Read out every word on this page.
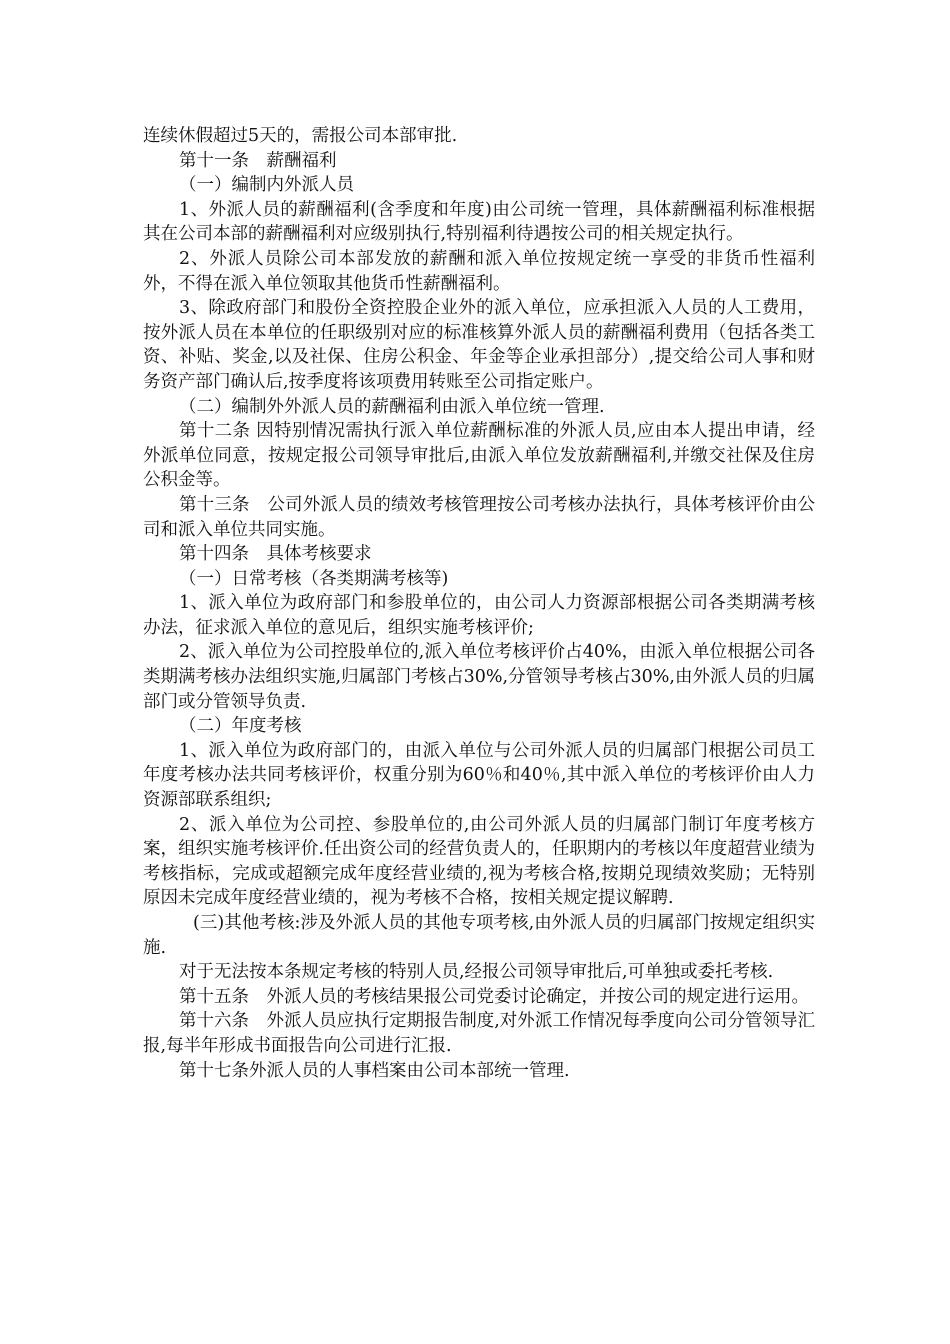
连续休假超过5天的，需报公司本部审批.

第十一条　薪酬福利

（一）编制内外派人员

1、外派人员的薪酬福利(含季度和年度)由公司统一管理，具体薪酬福利标准根据其在公司本部的薪酬福利对应级别执行,特别福利待遇按公司的相关规定执行。

2、外派人员除公司本部发放的薪酬和派入单位按规定统一享受的非货币性福利外，不得在派入单位领取其他货币性薪酬福利。

3、除政府部门和股份全资控股企业外的派入单位，应承担派入人员的人工费用，按外派人员在本单位的任职级别对应的标准核算外派人员的薪酬福利费用（包括各类工资、补贴、奖金,以及社保、住房公积金、年金等企业承担部分）,提交给公司人事和财务资产部门确认后,按季度将该项费用转账至公司指定账户。

（二）编制外外派人员的薪酬福利由派入单位统一管理.

第十二条 因特别情况需执行派入单位薪酬标准的外派人员,应由本人提出申请，经外派单位同意，按规定报公司领导审批后,由派入单位发放薪酬福利,并缴交社保及住房公积金等。

第十三条　公司外派人员的绩效考核管理按公司考核办法执行，具体考核评价由公司和派入单位共同实施。

第十四条　具体考核要求

（一）日常考核（各类期满考核等)

1、派入单位为政府部门和参股单位的，由公司人力资源部根据公司各类期满考核办法，征求派入单位的意见后，组织实施考核评价;

2、派入单位为公司控股单位的,派入单位考核评价占40%，由派入单位根据公司各类期满考核办法组织实施,归属部门考核占30%,分管领导考核占30%,由外派人员的归属部门或分管领导负责.

（二）年度考核

1、派入单位为政府部门的，由派入单位与公司外派人员的归属部门根据公司员工年度考核办法共同考核评价，权重分别为60％和40％,其中派入单位的考核评价由人力资源部联系组织;

2、派入单位为公司控、参股单位的,由公司外派人员的归属部门制订年度考核方案，组织实施考核评价.任出资公司的经营负责人的，任职期内的考核以年度超营业绩为考核指标，完成或超额完成年度经营业绩的,视为考核合格,按期兑现绩效奖励；无特别原因未完成年度经营业绩的，视为考核不合格，按相关规定提议解聘.

(三)其他考核:涉及外派人员的其他专项考核,由外派人员的归属部门按规定组织实施.

对于无法按本条规定考核的特别人员,经报公司领导审批后,可单独或委托考核.

第十五条　外派人员的考核结果报公司党委讨论确定，并按公司的规定进行运用。

第十六条　外派人员应执行定期报告制度,对外派工作情况每季度向公司分管领导汇报,每半年形成书面报告向公司进行汇报.

第十七条外派人员的人事档案由公司本部统一管理.
